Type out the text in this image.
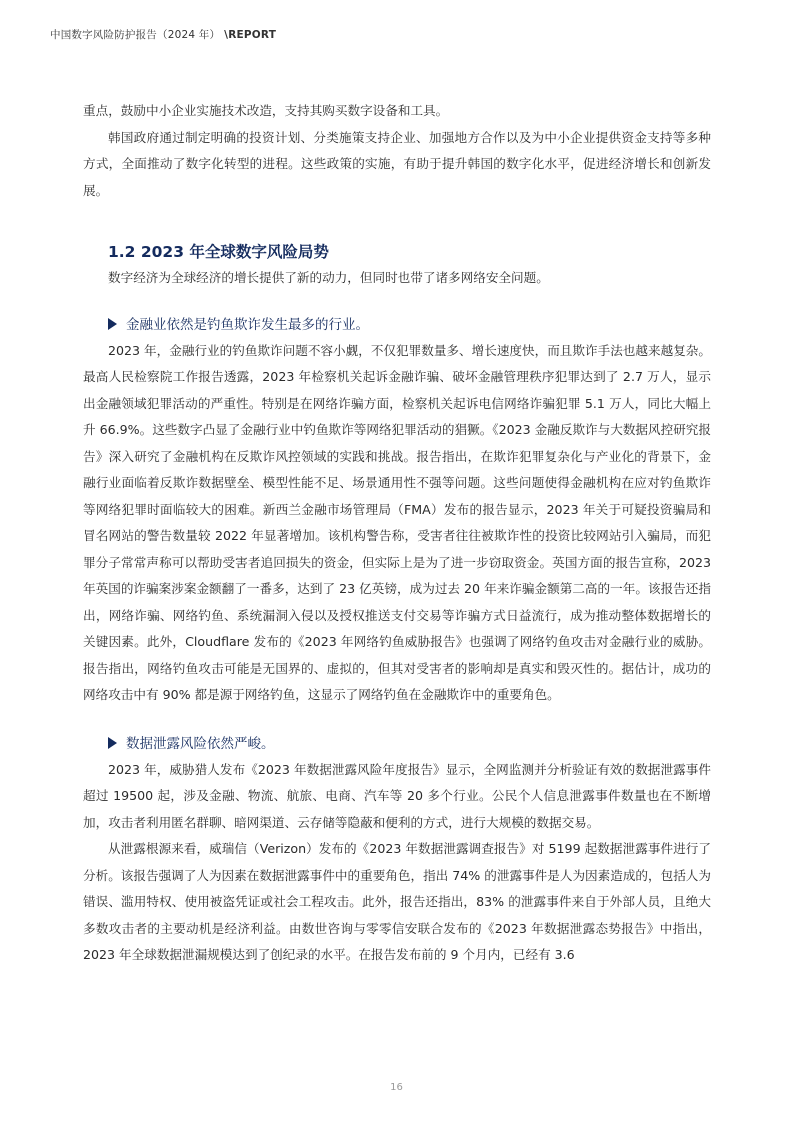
中国数字风险防护报告（2024 年） \REPORT

重点，鼓励中小企业实施技术改造，支持其购买数字设备和工具。

韩国政府通过制定明确的投资计划、分类施策支持企业、加强地方合作以及为中小企业提供资金支持等多种方式，全面推动了数字化转型的进程。这些政策的实施，有助于提升韩国的数字化水平，促进经济增长和创新发展。

1.2 2023 年全球数字风险局势

数字经济为全球经济的增长提供了新的动力，但同时也带了诸多网络安全问题。

金融业依然是钓鱼欺诈发生最多的行业。

2023 年，金融行业的钓鱼欺诈问题不容小觑，不仅犯罪数量多、增长速度快，而且欺诈手法也越来越复杂。最高人民检察院工作报告透露，2023 年检察机关起诉金融诈骗、破坏金融管理秩序犯罪达到了 2.7 万人，显示出金融领域犯罪活动的严重性。特别是在网络诈骗方面，检察机关起诉电信网络诈骗犯罪 5.1 万人，同比大幅上升 66.9%。这些数字凸显了金融行业中钓鱼欺诈等网络犯罪活动的猖獗。《2023 金融反欺诈与大数据风控研究报告》深入研究了金融机构在反欺诈风控领域的实践和挑战。报告指出，在欺诈犯罪复杂化与产业化的背景下，金融行业面临着反欺诈数据壁垒、模型性能不足、场景通用性不强等问题。这些问题使得金融机构在应对钓鱼欺诈等网络犯罪时面临较大的困难。新西兰金融市场管理局（FMA）发布的报告显示，2023 年关于可疑投资骗局和冒名网站的警告数量较 2022 年显著增加。该机构警告称，受害者往往被欺诈性的投资比较网站引入骗局，而犯罪分子常常声称可以帮助受害者追回损失的资金，但实际上是为了进一步窃取资金。英国方面的报告宣称，2023 年英国的诈骗案涉案金额翻了一番多，达到了 23 亿英镑，成为过去 20 年来诈骗金额第二高的一年。该报告还指出，网络诈骗、网络钓鱼、系统漏洞入侵以及授权推送支付交易等诈骗方式日益流行，成为推动整体数据增长的关键因素。此外，Cloudflare 发布的《2023 年网络钓鱼威胁报告》也强调了网络钓鱼攻击对金融行业的威胁。报告指出，网络钓鱼攻击可能是无国界的、虚拟的，但其对受害者的影响却是真实和毁灭性的。据估计，成功的网络攻击中有 90% 都是源于网络钓鱼，这显示了网络钓鱼在金融欺诈中的重要角色。

数据泄露风险依然严峻。

2023 年，威胁猎人发布《2023 年数据泄露风险年度报告》显示，全网监测并分析验证有效的数据泄露事件超过 19500 起，涉及金融、物流、航旅、电商、汽车等 20 多个行业。公民个人信息泄露事件数量也在不断增加，攻击者利用匿名群聊、暗网渠道、云存储等隐蔽和便利的方式，进行大规模的数据交易。

从泄露根源来看，威瑞信（Verizon）发布的《2023 年数据泄露调查报告》对 5199 起数据泄露事件进行了分析。该报告强调了人为因素在数据泄露事件中的重要角色，指出 74% 的泄露事件是人为因素造成的，包括人为错误、滥用特权、使用被盗凭证或社会工程攻击。此外，报告还指出，83% 的泄露事件来自于外部人员，且绝大多数攻击者的主要动机是经济利益。由数世咨询与零零信安联合发布的《2023 年数据泄露态势报告》中指出，2023 年全球数据泄漏规模达到了创纪录的水平。在报告发布前的 9 个月内，已经有 3.6

16
